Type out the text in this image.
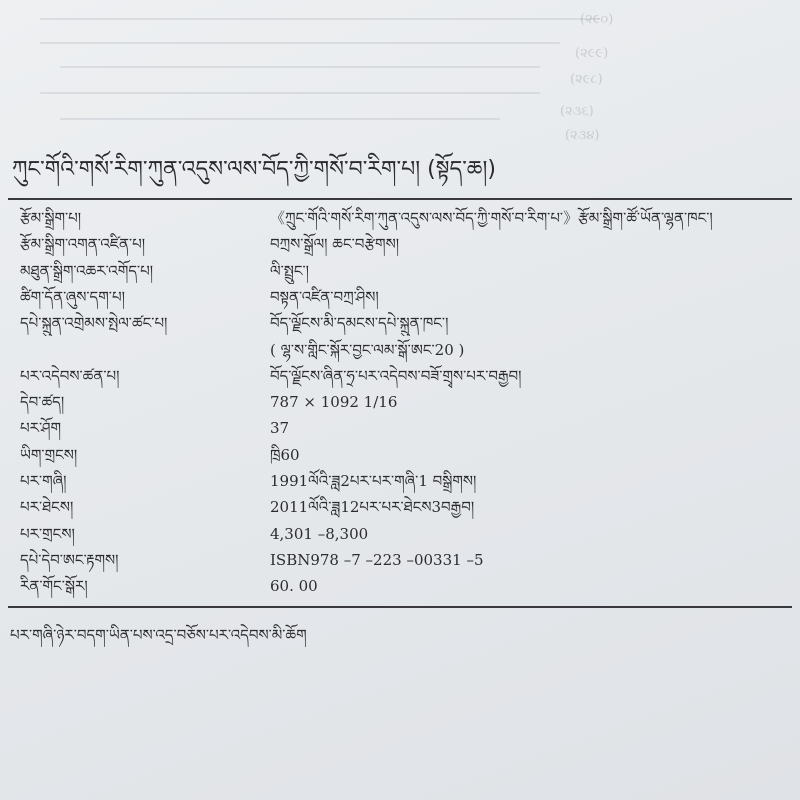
(૨૯૦)
(૨૯૯)
(૨૯૮)
(૨૩૬)
(૨૩૪)
ཀུང་གོའི་གསོ་རིག་ཀུན་འདུས་ལས་བོད་ཀྱི་གསོ་བ་རིག་པ། (སྟོད་ཆ།)
རྩོམ་སྒྲིག་པ།	《ཀྲུང་གོའི་གསོ་རིག་ཀུན་འདུས་ལས་བོད་ཀྱི་གསོ་བ་རིག་པ་》རྩོམ་སྒྲིག་ཚོ་ཡོན་ལྷན་ཁང་།
རྩོམ་སྒྲིག་འགན་འཛིན་པ།	བཀྲས་སྒྲོལ། ཆང་བརྩེགས།
མཐུན་སྒྲིག་འཆར་འགོད་པ།	ལི་སྤྲུང་།
ཚིག་དོན་ཞུས་དག་པ།	བསྟན་འཛིན་བཀྲ་ཤིས།
དཔེ་སྐྲུན་འགྲེམས་སྤེལ་ཚང་པ།	བོད་ལྗོངས་མི་དམངས་དཔེ་སྐྲུན་ཁང་།
( ལྷ་ས་གླིང་སྐོར་བྱང་ལམ་སྒོ་ཨང་20 )
པར་འདེབས་ཚན་པ།	བོད་ལྗོངས་ཞིན་ཧྲ་པར་འདེབས་བཟོ་གྲྭས་པར་བརྒྱབ།
དེབ་ཚད།	787 × 1092 1/16
པར་ཤོག	37
ཡིག་གྲངས།	ཁྲི60
པར་གཞི།	1991ལོའི་ཟླ2པར་པར་གཞི་1 བསྒྲིགས།
པར་ཐེངས།	2011ལོའི་ཟླ12པར་པར་ཐེངས3བརྒྱབ།
པར་གྲངས།	4,301 –8,300
དཔེ་དེབ་ཨང་རྟགས།	ISBN978 –7 –223 –00331 –5
རིན་གོང་སྒོར།	60. 00
པར་གཞི་ཉེར་བདག་ཡིན་པས་འདྲ་བཅོས་པར་འདེབས་མི་ཆོག
